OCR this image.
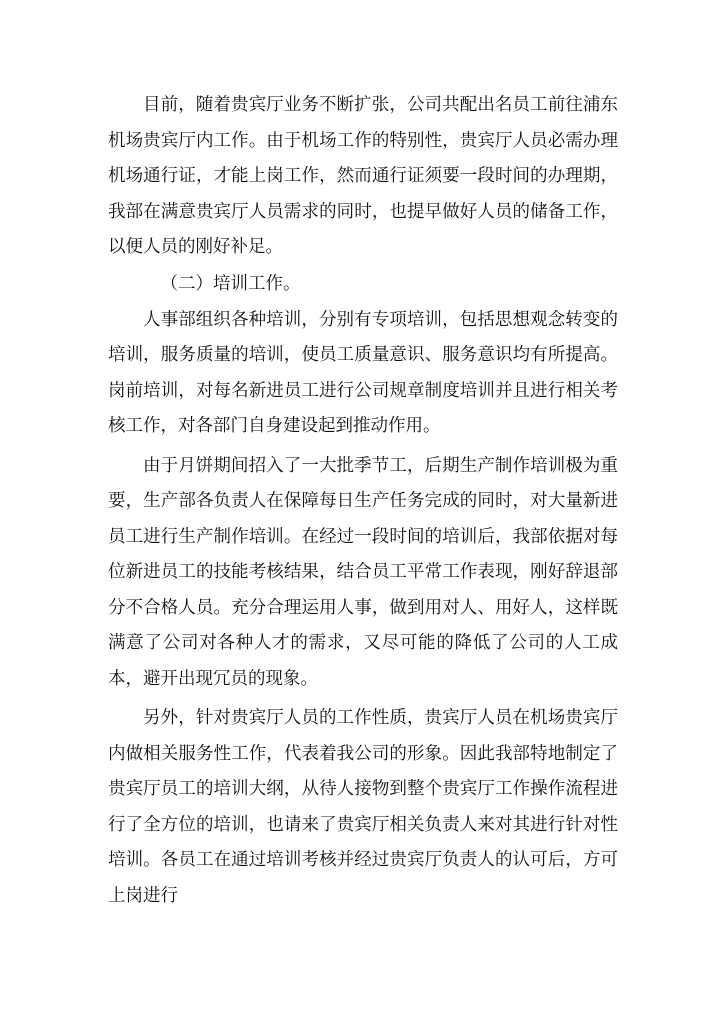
目前，随着贵宾厅业务不断扩张，公司共配出名员工前往浦东机场贵宾厅内工作。由于机场工作的特别性，贵宾厅人员必需办理机场通行证，才能上岗工作，然而通行证须要一段时间的办理期，我部在满意贵宾厅人员需求的同时，也提早做好人员的储备工作，以便人员的刚好补足。

（二）培训工作。

人事部组织各种培训，分别有专项培训，包括思想观念转变的培训，服务质量的培训，使员工质量意识、服务意识均有所提高。岗前培训，对每名新进员工进行公司规章制度培训并且进行相关考核工作，对各部门自身建设起到推动作用。

由于月饼期间招入了一大批季节工，后期生产制作培训极为重要，生产部各负责人在保障每日生产任务完成的同时，对大量新进员工进行生产制作培训。在经过一段时间的培训后，我部依据对每位新进员工的技能考核结果，结合员工平常工作表现，刚好辞退部分不合格人员。充分合理运用人事，做到用对人、用好人，这样既满意了公司对各种人才的需求，又尽可能的降低了公司的人工成本，避开出现冗员的现象。

另外，针对贵宾厅人员的工作性质，贵宾厅人员在机场贵宾厅内做相关服务性工作，代表着我公司的形象。因此我部特地制定了贵宾厅员工的培训大纲，从待人接物到整个贵宾厅工作操作流程进行了全方位的培训，也请来了贵宾厅相关负责人来对其进行针对性培训。各员工在通过培训考核并经过贵宾厅负责人的认可后，方可上岗进行
